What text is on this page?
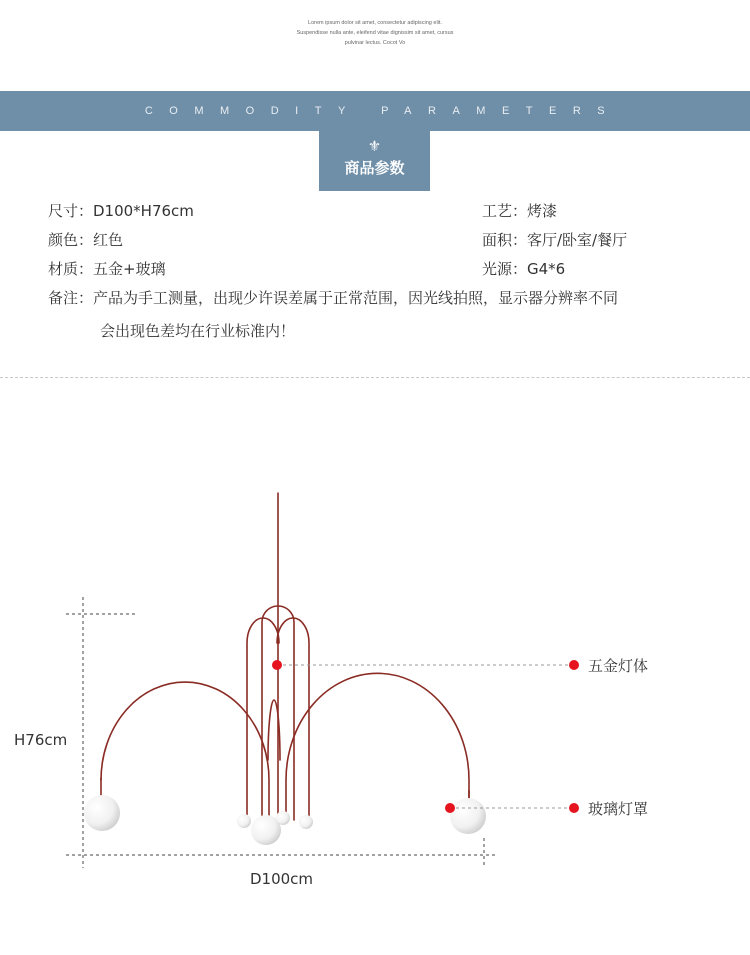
Lorem ipsum dolor sit amet, consectetur adipiscing elit.
Suspendisse nulla ante, eleifend vitae dignissim sit amet, cursus
pulvinar lectus. Cocot Vo
COMMODITY PARAMETERS
⚜
商品参数
尺寸：D100*H76cm
颜色：红色
材质：五金+玻璃
工艺：烤漆
面积：客厅/卧室/餐厅
光源：G4*6
备注：产品为手工测量，出现少许误差属于正常范围，因光线拍照，显示器分辨率不同
会出现色差均在行业标准内！
H76cm
D100cm
五金灯体
玻璃灯罩
